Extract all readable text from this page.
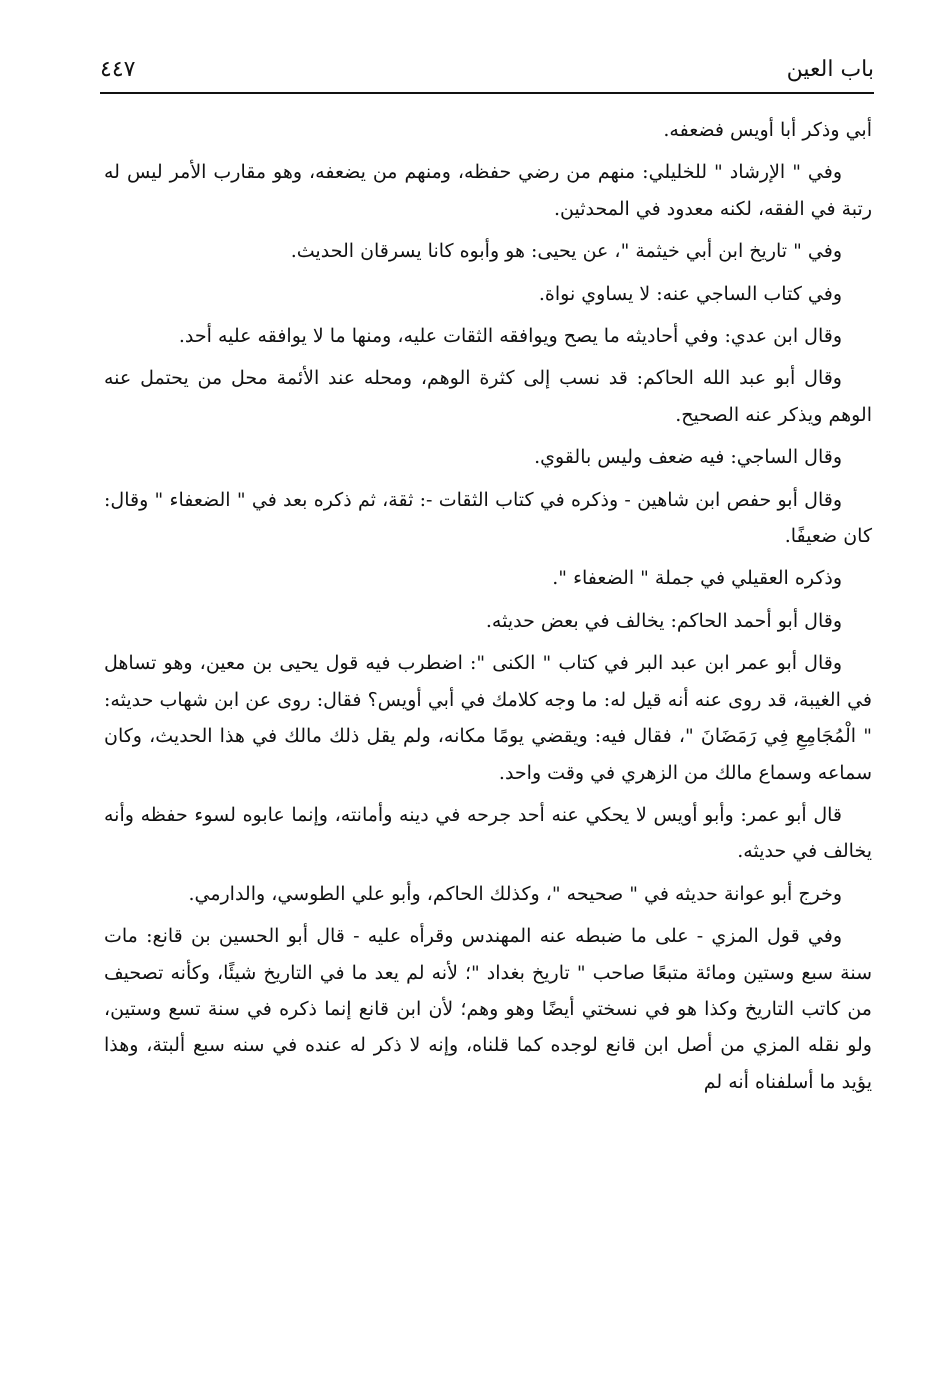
باب العين
٤٤٧

أبي وذكر أبا أويس فضعفه.

وفي " الإرشاد " للخليلي: منهم من رضي حفظه، ومنهم من يضعفه، وهو مقارب الأمر ليس له رتبة في الفقه، لكنه معدود في المحدثين.

وفي " تاريخ ابن أبي خيثمة "، عن يحيى: هو وأبوه كانا يسرقان الحديث.

وفي كتاب الساجي عنه: لا يساوي نواة.

وقال ابن عدي: وفي أحاديثه ما يصح ويوافقه الثقات عليه، ومنها ما لا يوافقه عليه أحد.

وقال أبو عبد الله الحاكم: قد نسب إلى كثرة الوهم، ومحله عند الأئمة محل من يحتمل عنه الوهم ويذكر عنه الصحيح.

وقال الساجي: فيه ضعف وليس بالقوي.

وقال أبو حفص ابن شاهين - وذكره في كتاب الثقات -: ثقة، ثم ذكره بعد في " الضعفاء " وقال: كان ضعيفًا.

وذكره العقيلي في جملة " الضعفاء ".

وقال أبو أحمد الحاكم: يخالف في بعض حديثه.

وقال أبو عمر ابن عبد البر في كتاب " الكنى ": اضطرب فيه قول يحيى بن معين، وهو تساهل في الغيبة، قد روى عنه أنه قيل له: ما وجه كلامك في أبي أويس؟ فقال: روى عن ابن شهاب حديثه: " الْمُجَامِعِ فِي رَمَضَانَ "، فقال فيه: ويقضي يومًا مكانه، ولم يقل ذلك مالك في هذا الحديث، وكان سماعه وسماع مالك من الزهري في وقت واحد.

قال أبو عمر: وأبو أويس لا يحكي عنه أحد جرحه في دينه وأمانته، وإنما عابوه لسوء حفظه وأنه يخالف في حديثه.

وخرج أبو عوانة حديثه في " صحيحه "، وكذلك الحاكم، وأبو علي الطوسي، والدارمي.

وفي قول المزي - على ما ضبطه عنه المهندس وقرأه عليه - قال أبو الحسين بن قانع: مات سنة سبع وستين ومائة متبعًا صاحب " تاريخ بغداد "؛ لأنه لم يعد ما في التاريخ شيئًا، وكأنه تصحيف من كاتب التاريخ وكذا هو في نسختي أيضًا وهو وهم؛ لأن ابن قانع إنما ذكره في سنة تسع وستين، ولو نقله المزي من أصل ابن قانع لوجده كما قلناه، وإنه لا ذكر له عنده في سنه سبع ألبتة، وهذا يؤيد ما أسلفناه أنه لم
